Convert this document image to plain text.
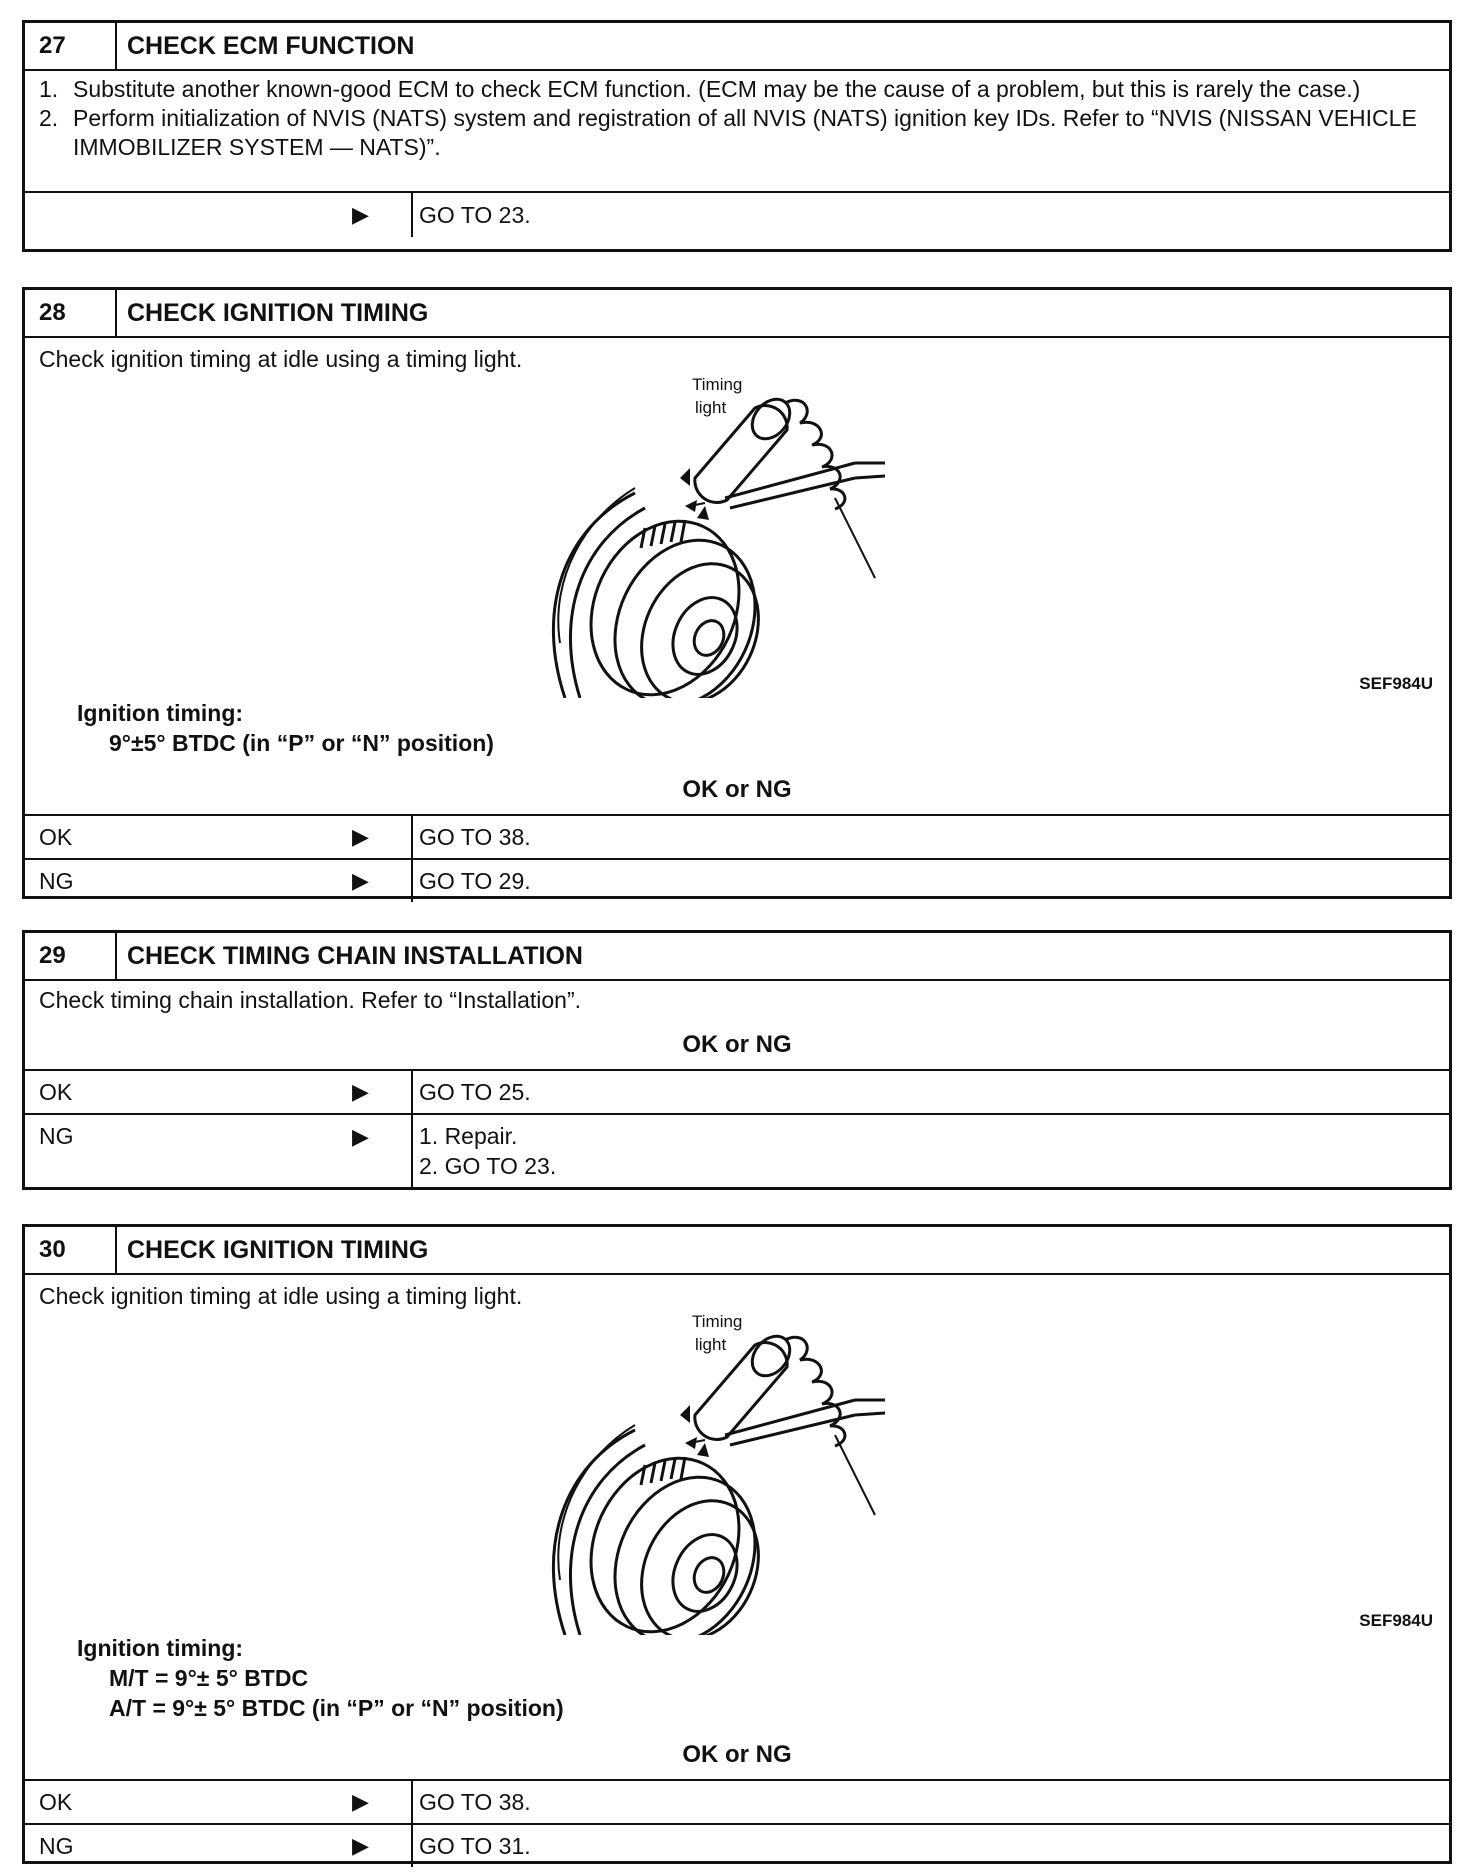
27	CHECK ECM FUNCTION
1. Substitute another known-good ECM to check ECM function. (ECM may be the cause of a problem, but this is rarely the case.)
2. Perform initialization of NVIS (NATS) system and registration of all NVIS (NATS) ignition key IDs. Refer to “NVIS (NISSAN VEHICLE IMMOBILIZER SYSTEM — NATS)”.
▶ GO TO 23.
28	CHECK IGNITION TIMING
Check ignition timing at idle using a timing light.
Timing
light
SEF984U
Ignition timing:
9°±5° BTDC (in “P” or “N” position)
OK or NG
OK	▶ GO TO 38.
NG	▶ GO TO 29.
29	CHECK TIMING CHAIN INSTALLATION
Check timing chain installation. Refer to “Installation”.
OK or NG
OK	▶ GO TO 25.
NG	▶ 1. Repair.
2. GO TO 23.
30	CHECK IGNITION TIMING
Check ignition timing at idle using a timing light.
Timing
light
SEF984U
Ignition timing:
M/T = 9°± 5° BTDC
A/T = 9°± 5° BTDC (in “P” or “N” position)
OK or NG
OK	▶ GO TO 38.
NG	▶ GO TO 31.
